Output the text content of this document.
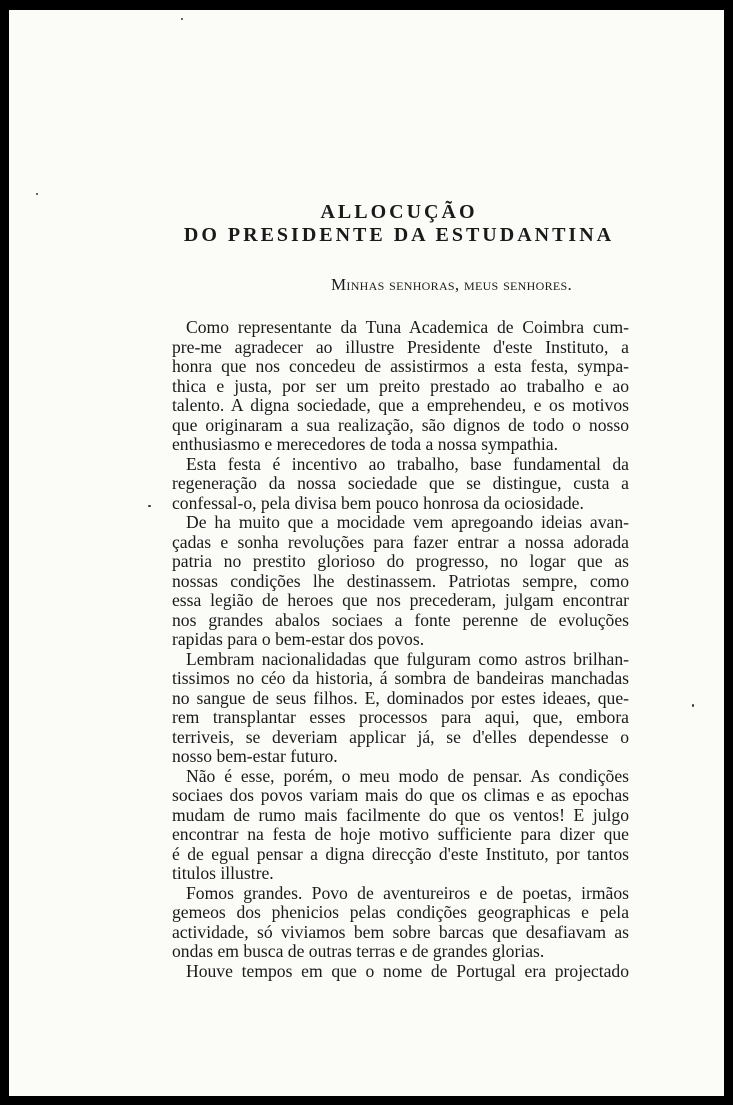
ALLOCUÇÃO
DO PRESIDENTE DA ESTUDANTINA
Minhas senhoras, meus senhores.
Como representante da Tuna Academica de Coimbra cum-
pre-me agradecer ao illustre Presidente d'este Instituto, a
honra que nos concedeu de assistirmos a esta festa, sympa-
thica e justa, por ser um preito prestado ao trabalho e ao
talento. A digna sociedade, que a emprehendeu, e os motivos
que originaram a sua realização, são dignos de todo o nosso
enthusiasmo e merecedores de toda a nossa sympathia.
Esta festa é incentivo ao trabalho, base fundamental da
regeneração da nossa sociedade que se distingue, custa a
confessal-o, pela divisa bem pouco honrosa da ociosidade.
De ha muito que a mocidade vem apregoando ideias avan-
çadas e sonha revoluções para fazer entrar a nossa adorada
patria no prestito glorioso do progresso, no logar que as
nossas condições lhe destinassem. Patriotas sempre, como
essa legião de heroes que nos precederam, julgam encontrar
nos grandes abalos sociaes a fonte perenne de evoluções
rapidas para o bem-estar dos povos.
Lembram nacionalidadas que fulguram como astros brilhan-
tissimos no céo da historia, á sombra de bandeiras manchadas
no sangue de seus filhos. E, dominados por estes ideaes, que-
rem transplantar esses processos para aqui, que, embora
terriveis, se deveriam applicar já, se d'elles dependesse o
nosso bem-estar futuro.
Não é esse, porém, o meu modo de pensar. As condições
sociaes dos povos variam mais do que os climas e as epochas
mudam de rumo mais facilmente do que os ventos! E julgo
encontrar na festa de hoje motivo sufficiente para dizer que
é de egual pensar a digna direcção d'este Instituto, por tantos
titulos illustre.
Fomos grandes. Povo de aventureiros e de poetas, irmãos
gemeos dos phenicios pelas condições geographicas e pela
actividade, só viviamos bem sobre barcas que desafiavam as
ondas em busca de outras terras e de grandes glorias.
Houve tempos em que o nome de Portugal era projectado
